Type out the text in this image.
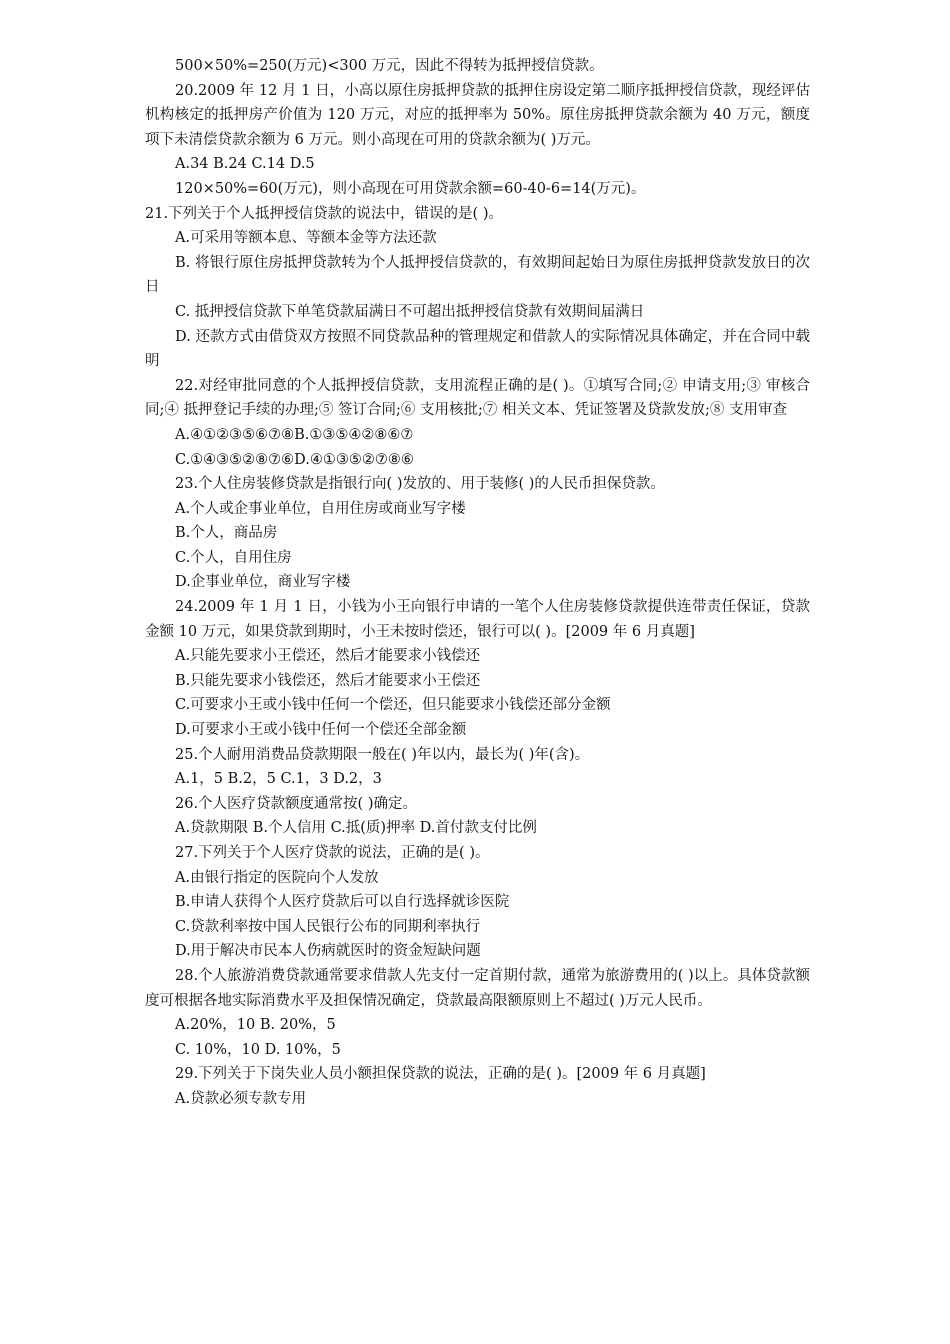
500×50%=250(万元)<300 万元，因此不得转为抵押授信贷款。

20.2009 年 12 月 1 日，小高以原住房抵押贷款的抵押住房设定第二顺序抵押授信贷款，现经评估机构核定的抵押房产价值为 120 万元，对应的抵押率为 50%。原住房抵押贷款余额为 40 万元，额度项下未清偿贷款余额为 6 万元。则小高现在可用的贷款余额为( )万元。

A.34 B.24 C.14 D.5

120×50%=60(万元)，则小高现在可用贷款余额=60-40-6=14(万元)。

21.下列关于个人抵押授信贷款的说法中，错误的是( )。

A.可采用等额本息、等额本金等方法还款

B. 将银行原住房抵押贷款转为个人抵押授信贷款的，有效期间起始日为原住房抵押贷款发放日的次日

C. 抵押授信贷款下单笔贷款届满日不可超出抵押授信贷款有效期间届满日

D. 还款方式由借贷双方按照不同贷款品种的管理规定和借款人的实际情况具体确定，并在合同中载明

22.对经审批同意的个人抵押授信贷款，支用流程正确的是( )。①填写合同;② 申请支用;③ 审核合同;④ 抵押登记手续的办理;⑤ 签订合同;⑥ 支用核批;⑦ 相关文本、凭证签署及贷款发放;⑧ 支用审查

A.④①②③⑤⑥⑦⑧B.①③⑤④②⑧⑥⑦

C.①④③⑤②⑧⑦⑥D.④①③⑤②⑦⑧⑥

23.个人住房装修贷款是指银行向( )发放的、用于装修( )的人民币担保贷款。

A.个人或企事业单位，自用住房或商业写字楼

B.个人，商品房

C.个人，自用住房

D.企事业单位，商业写字楼

24.2009 年 1 月 1 日，小钱为小王向银行申请的一笔个人住房装修贷款提供连带责任保证，贷款金额 10 万元，如果贷款到期时，小王未按时偿还，银行可以( )。[2009 年 6 月真题]

A.只能先要求小王偿还，然后才能要求小钱偿还

B.只能先要求小钱偿还，然后才能要求小王偿还

C.可要求小王或小钱中任何一个偿还，但只能要求小钱偿还部分金额

D.可要求小王或小钱中任何一个偿还全部金额

25.个人耐用消费品贷款期限一般在( )年以内，最长为( )年(含)。

A.1，5 B.2，5 C.1，3 D.2，3

26.个人医疗贷款额度通常按( )确定。

A.贷款期限 B.个人信用 C.抵(质)押率 D.首付款支付比例

27.下列关于个人医疗贷款的说法，正确的是( )。

A.由银行指定的医院向个人发放

B.申请人获得个人医疗贷款后可以自行选择就诊医院

C.贷款利率按中国人民银行公布的同期利率执行

D.用于解决市民本人伤病就医时的资金短缺问题

28.个人旅游消费贷款通常要求借款人先支付一定首期付款，通常为旅游费用的( )以上。具体贷款额度可根据各地实际消费水平及担保情况确定，贷款最高限额原则上不超过( )万元人民币。

A.20%，10 B. 20%，5

C. 10%，10 D. 10%，5

29.下列关于下岗失业人员小额担保贷款的说法，正确的是( )。[2009 年 6 月真题]

A.贷款必须专款专用
